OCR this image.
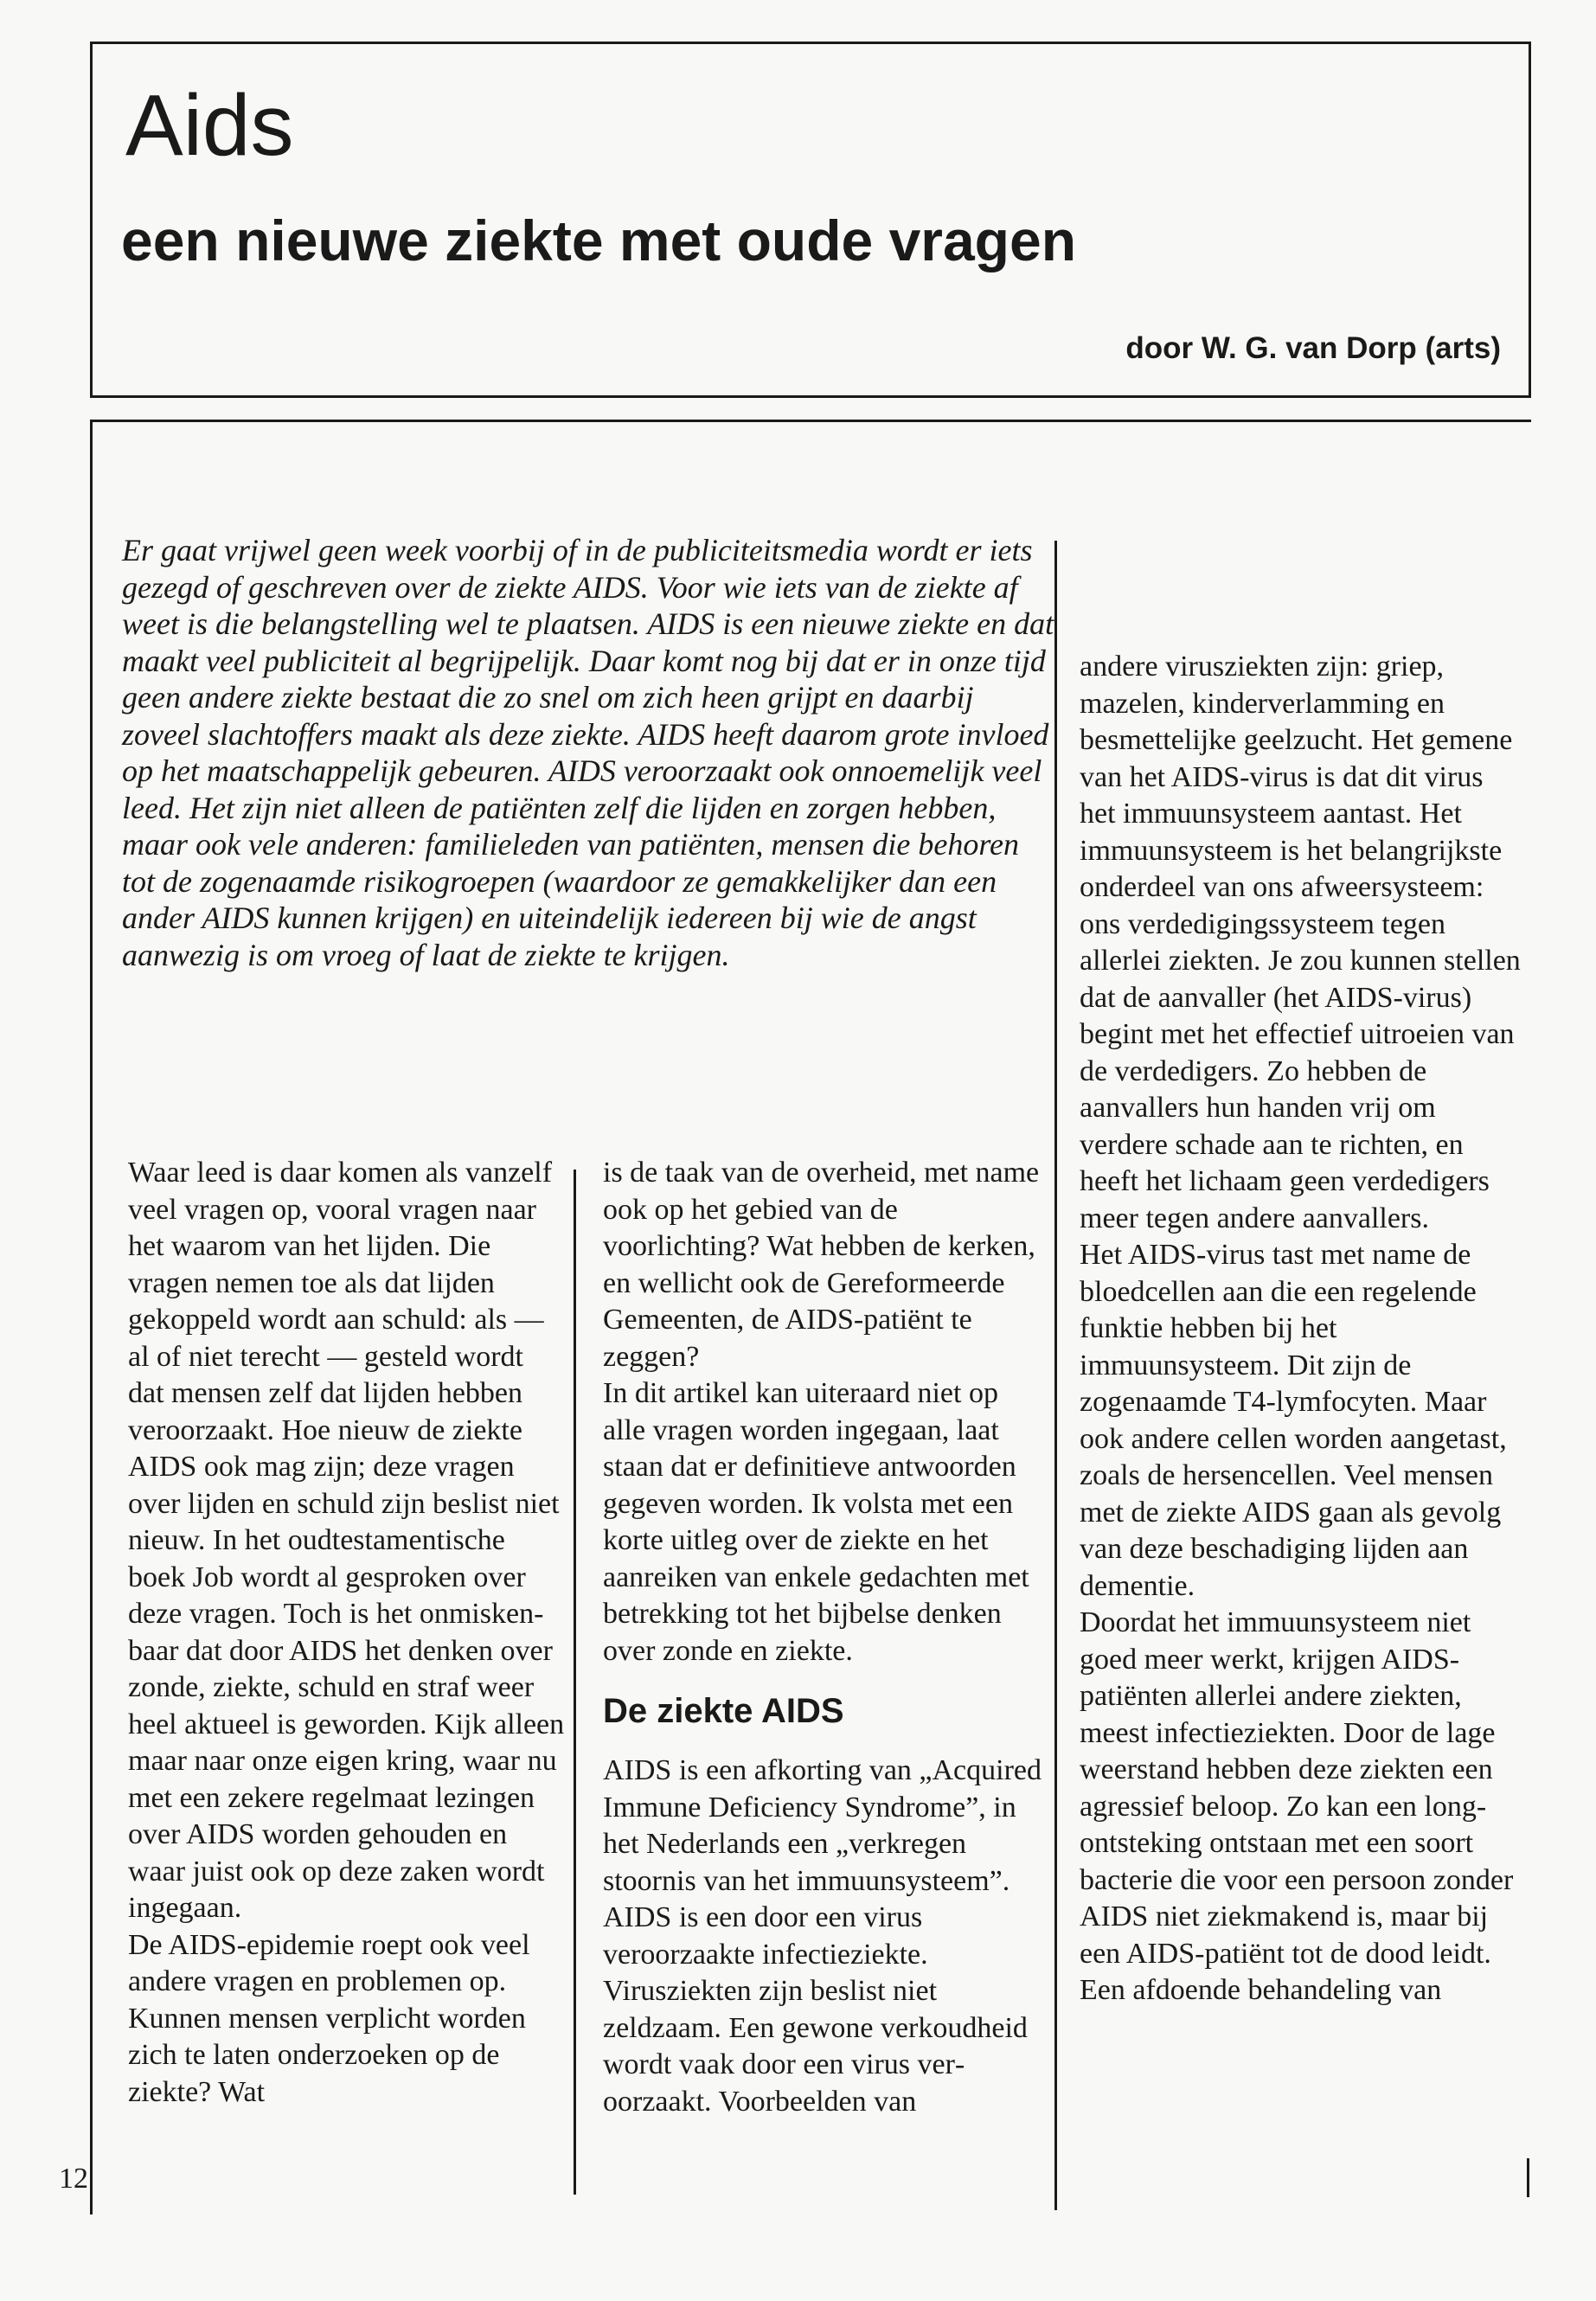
Aids
een nieuwe ziekte met oude vragen
door W. G. van Dorp (arts)

Er gaat vrijwel geen week voorbij of in de publiciteitsmedia wordt er iets gezegd of geschreven over de ziekte AIDS. Voor wie iets van de ziekte af weet is die belangstelling wel te plaatsen. AIDS is een nieuwe ziekte en dat maakt veel publiciteit al begrijpelijk. Daar komt nog bij dat er in onze tijd geen andere ziekte bestaat die zo snel om zich heen grijpt en daarbij zoveel slachtoffers maakt als deze ziekte. AIDS heeft daarom grote invloed op het maatschappelijk gebeuren. AIDS veroorzaakt ook onnoemelijk veel leed. Het zijn niet alleen de patiënten zelf die lijden en zorgen hebben, maar ook vele anderen: familieleden van patiënten, mensen die behoren tot de zogenaamde risikogroepen (waardoor ze gemakkelijker dan een ander AIDS kunnen krijgen) en uiteindelijk iedereen bij wie de angst aanwezig is om vroeg of laat de ziekte te krijgen.

Waar leed is daar komen als vanzelf veel vragen op, vooral vragen naar het waarom van het lijden. Die vragen nemen toe als dat lijden gekoppeld wordt aan schuld: als — al of niet terecht — gesteld wordt dat mensen zelf dat lijden hebben veroorzaakt. Hoe nieuw de ziekte AIDS ook mag zijn; deze vragen over lijden en schuld zijn beslist niet nieuw. In het oudtestamentische boek Job wordt al gesproken over deze vragen. Toch is het onmiskenbaar dat door AIDS het denken over zonde, ziekte, schuld en straf weer heel aktueel is geworden. Kijk alleen maar naar onze eigen kring, waar nu met een zekere regelmaat lezingen over AIDS worden gehouden en waar juist ook op deze zaken wordt ingegaan.

De AIDS-epidemie roept ook veel andere vragen en problemen op. Kunnen mensen verplicht worden zich te laten onderzoeken op de ziekte? Wat

is de taak van de overheid, met name ook op het gebied van de voorlichting? Wat hebben de kerken, en wellicht ook de Gereformeerde Gemeenten, de AIDS-patiënt te zeggen?

In dit artikel kan uiteraard niet op alle vragen worden ingegaan, laat staan dat er definitieve antwoorden gegeven worden. Ik volsta met een korte uitleg over de ziekte en het aanreiken van enkele gedachten met betrekking tot het bijbelse denken over zonde en ziekte.

De ziekte AIDS

AIDS is een afkorting van „Acquired Immune Deficiency Syndrome”, in het Nederlands een „verkregen stoornis van het immuunsysteem”. AIDS is een door een virus veroorzaakte infectieziekte. Virusziekten zijn beslist niet zeldzaam. Een gewone verkoudheid wordt vaak door een virus veroorzaakt. Voorbeelden van

andere virusziekten zijn: griep, mazelen, kinderverlamming en besmettelijke geelzucht. Het gemene van het AIDS-virus is dat dit virus het immuunsysteem aantast. Het immuunsysteem is het belangrijkste onderdeel van ons afweersysteem: ons verdedigingssysteem tegen allerlei ziekten. Je zou kunnen stellen dat de aanvaller (het AIDS-virus) begint met het effectief uitroeien van de verdedigers. Zo hebben de aanvallers hun handen vrij om verdere schade aan te richten, en heeft het lichaam geen verdedigers meer tegen andere aanvallers.

Het AIDS-virus tast met name de bloedcellen aan die een regelende funktie hebben bij het immuunsysteem. Dit zijn de zogenaamde T4-lymfocyten. Maar ook andere cellen worden aangetast, zoals de hersencellen. Veel mensen met de ziekte AIDS gaan als gevolg van deze beschadiging lijden aan dementie.

Doordat het immuunsysteem niet goed meer werkt, krijgen AIDS-patiënten allerlei andere ziekten, meest infectieziekten. Door de lage weerstand hebben deze ziekten een agressief beloop. Zo kan een longontsteking ontstaan met een soort bacterie die voor een persoon zonder AIDS niet ziekmakend is, maar bij een AIDS-patiënt tot de dood leidt. Een afdoende behandeling van

12
